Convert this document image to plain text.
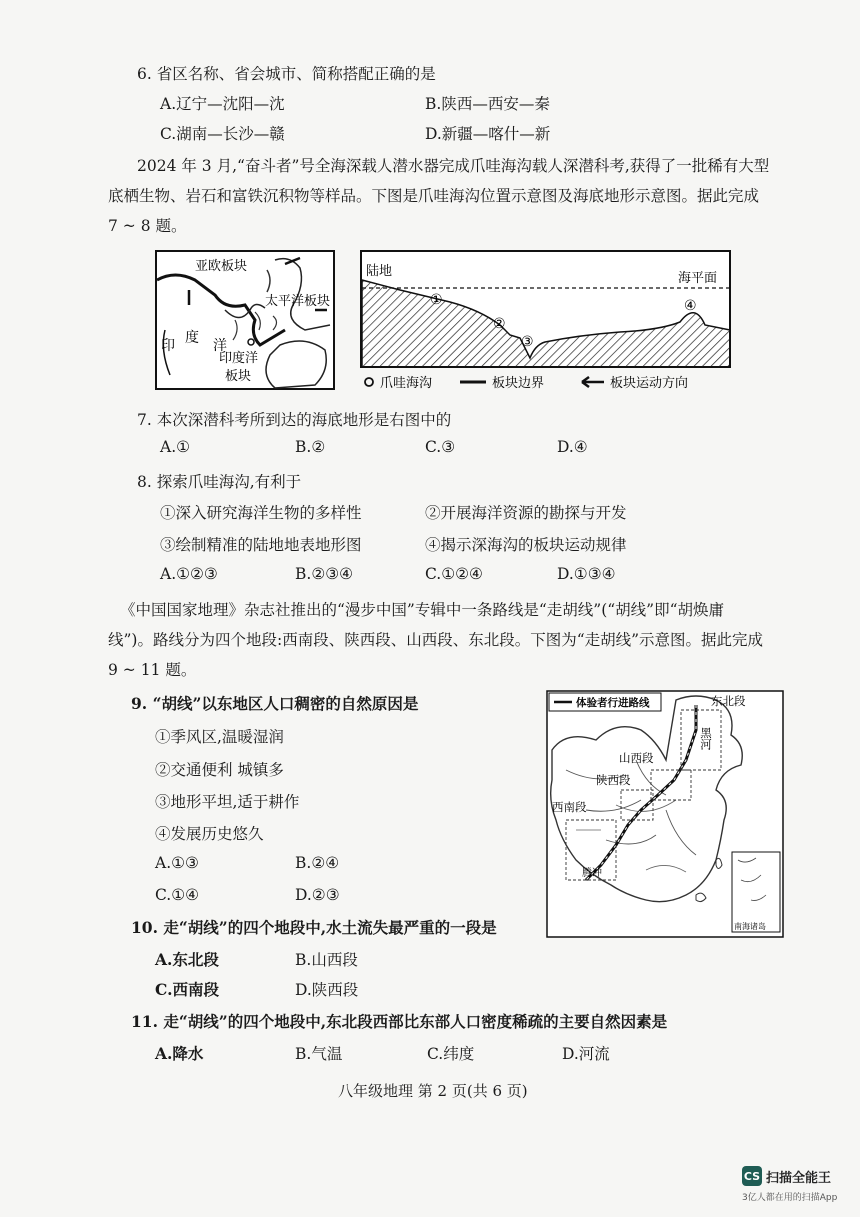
6. 省区名称、省会城市、简称搭配正确的是
A.辽宁—沈阳—沈	B.陕西—西安—秦
C.湖南—长沙—赣	D.新疆—喀什—新
2024 年 3 月,“奋斗者”号全海深载人潜水器完成爪哇海沟载人深潜科考,获得了一批稀有大型
底栖生物、岩石和富铁沉积物等样品。下图是爪哇海沟位置示意图及海底地形示意图。据此完成
7 ~ 8 题。
亚欧板块
太平洋板块
印 度 洋
印度洋
板块
陆地	海平面
①
②
③
④
爪哇海沟	板块边界	板块运动方向
7. 本次深潜科考所到达的海底地形是右图中的
A.①	B.②	C.③	D.④
8. 探索爪哇海沟,有利于
①深入研究海洋生物的多样性	②开展海洋资源的勘探与开发
③绘制精准的陆地地表地形图	④揭示深海沟的板块运动规律
A.①②③	B.②③④	C.①②④	D.①③④
《中国国家地理》杂志社推出的“漫步中国”专辑中一条路线是“走胡线”(“胡线”即“胡焕庸
线”)。路线分为四个地段:西南段、陕西段、山西段、东北段。下图为“走胡线”示意图。据此完成
9 ~ 11 题。
9. “胡线”以东地区人口稠密的自然原因是
①季风区,温暖湿润
②交通便利 城镇多
③地形平坦,适于耕作
④发展历史悠久
A.①③	B.②④
C.①④	D.②③
体验者行进路线
南海诸岛
东北段
黑河
山西段
陕西段
西南段
腾冲
10. 走“胡线”的四个地段中,水土流失最严重的一段是
A.东北段	B.山西段
C.西南段	D.陕西段
11. 走“胡线”的四个地段中,东北段西部比东部人口密度稀疏的主要自然因素是
A.降水	B.气温	C.纬度	D.河流
八年级地理 第 2 页(共 6 页)
CS 扫描全能王
3亿人都在用的扫描App
